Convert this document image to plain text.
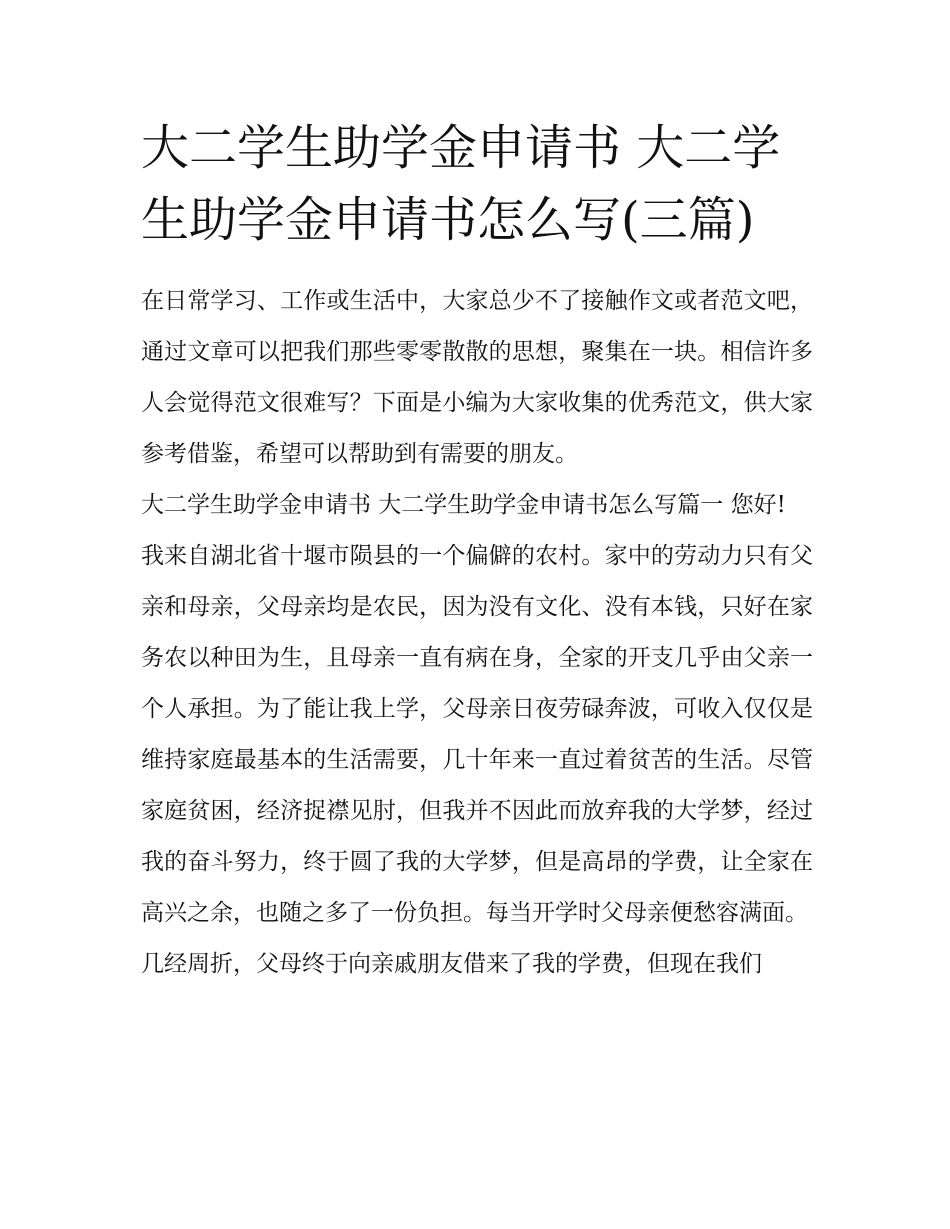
大二学生助学金申请书 大二学生助学金申请书怎么写(三篇)

在日常学习、工作或生活中，大家总少不了接触作文或者范文吧，通过文章可以把我们那些零零散散的思想，聚集在一块。相信许多人会觉得范文很难写？下面是小编为大家收集的优秀范文，供大家参考借鉴，希望可以帮助到有需要的朋友。

大二学生助学金申请书 大二学生助学金申请书怎么写篇一 您好!

我来自湖北省十堰市陨县的一个偏僻的农村。家中的劳动力只有父亲和母亲，父母亲均是农民，因为没有文化、没有本钱，只好在家务农以种田为生，且母亲一直有病在身，全家的开支几乎由父亲一个人承担。为了能让我上学，父母亲日夜劳碌奔波，可收入仅仅是维持家庭最基本的生活需要，几十年来一直过着贫苦的生活。尽管家庭贫困，经济捉襟见肘，但我并不因此而放弃我的大学梦，经过我的奋斗努力，终于圆了我的大学梦，但是高昂的学费，让全家在高兴之余，也随之多了一份负担。每当开学时父母亲便愁容满面。

几经周折，父母终于向亲戚朋友借来了我的学费，但现在我们
